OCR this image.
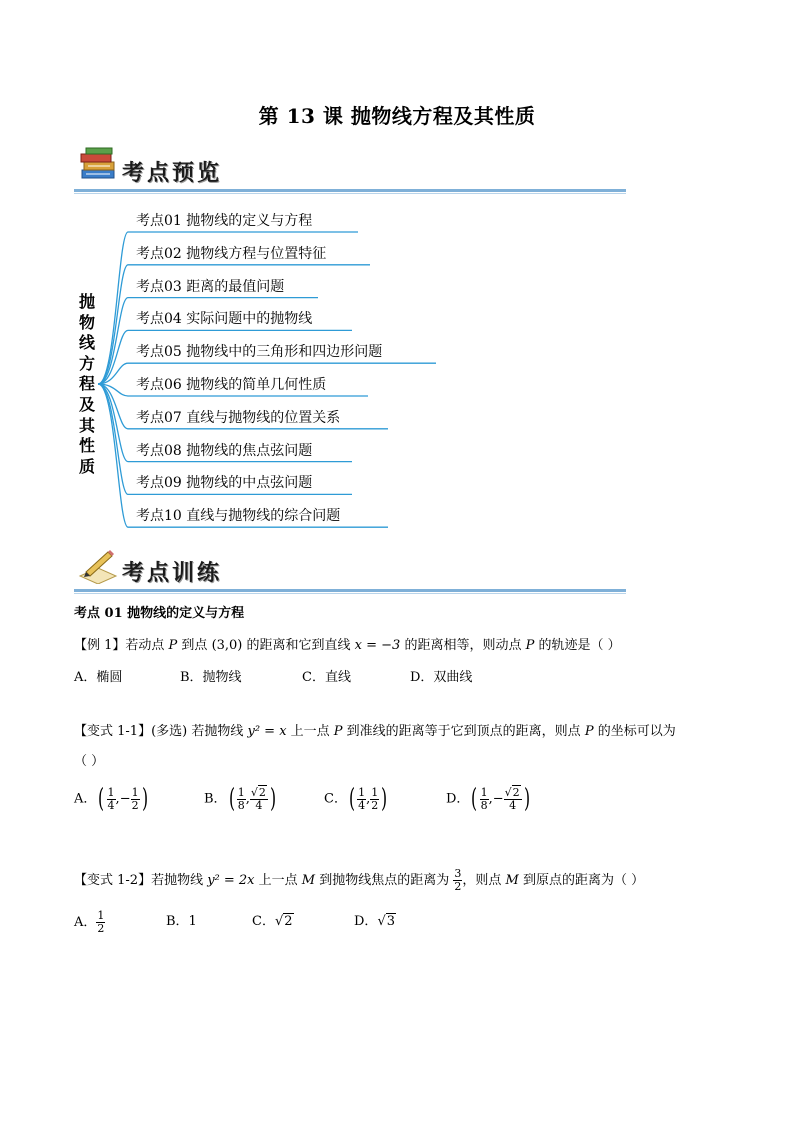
第 13 课 抛物线方程及其性质
考点预览
抛
物
线
方
程
及
其
性
质
考点01 抛物线的定义与方程
考点02 抛物线方程与位置特征
考点03 距离的最值问题
考点04 实际问题中的抛物线
考点05 抛物线中的三角形和四边形问题
考点06 抛物线的简单几何性质
考点07 直线与抛物线的位置关系
考点08 抛物线的焦点弦问题
考点09 抛物线的中点弦问题
考点10 直线与抛物线的综合问题
考点训练
考点 01 抛物线的定义与方程
【例 1】若动点 P 到点 (3,0) 的距离和它到直线 x = −3 的距离相等，则动点 P 的轨迹是（ ）
A．椭圆	B．抛物线	C．直线	D．双曲线
【变式 1-1】(多选) 若抛物线 y² = x 上一点 P 到准线的距离等于它到顶点的距离，则点 P 的坐标可以为
（ ）
A．( $\frac{1}{4}$ ,− $\frac{1}{2}$ )	B．( $\frac{1}{8}$ , $\frac{√2}{4}$ )	C．( $\frac{1}{4}$ , $\frac{1}{2}$ )	D．( $\frac{1}{8}$ ,− $\frac{√2}{4}$ )
【变式 1-2】若抛物线 y² = 2x 上一点 M 到抛物线焦点的距离为 $\frac{3}{2}$ ，则点 M 到原点的距离为（ ）
A． $\frac{1}{2}$	B．1	C．√2	D．√3
